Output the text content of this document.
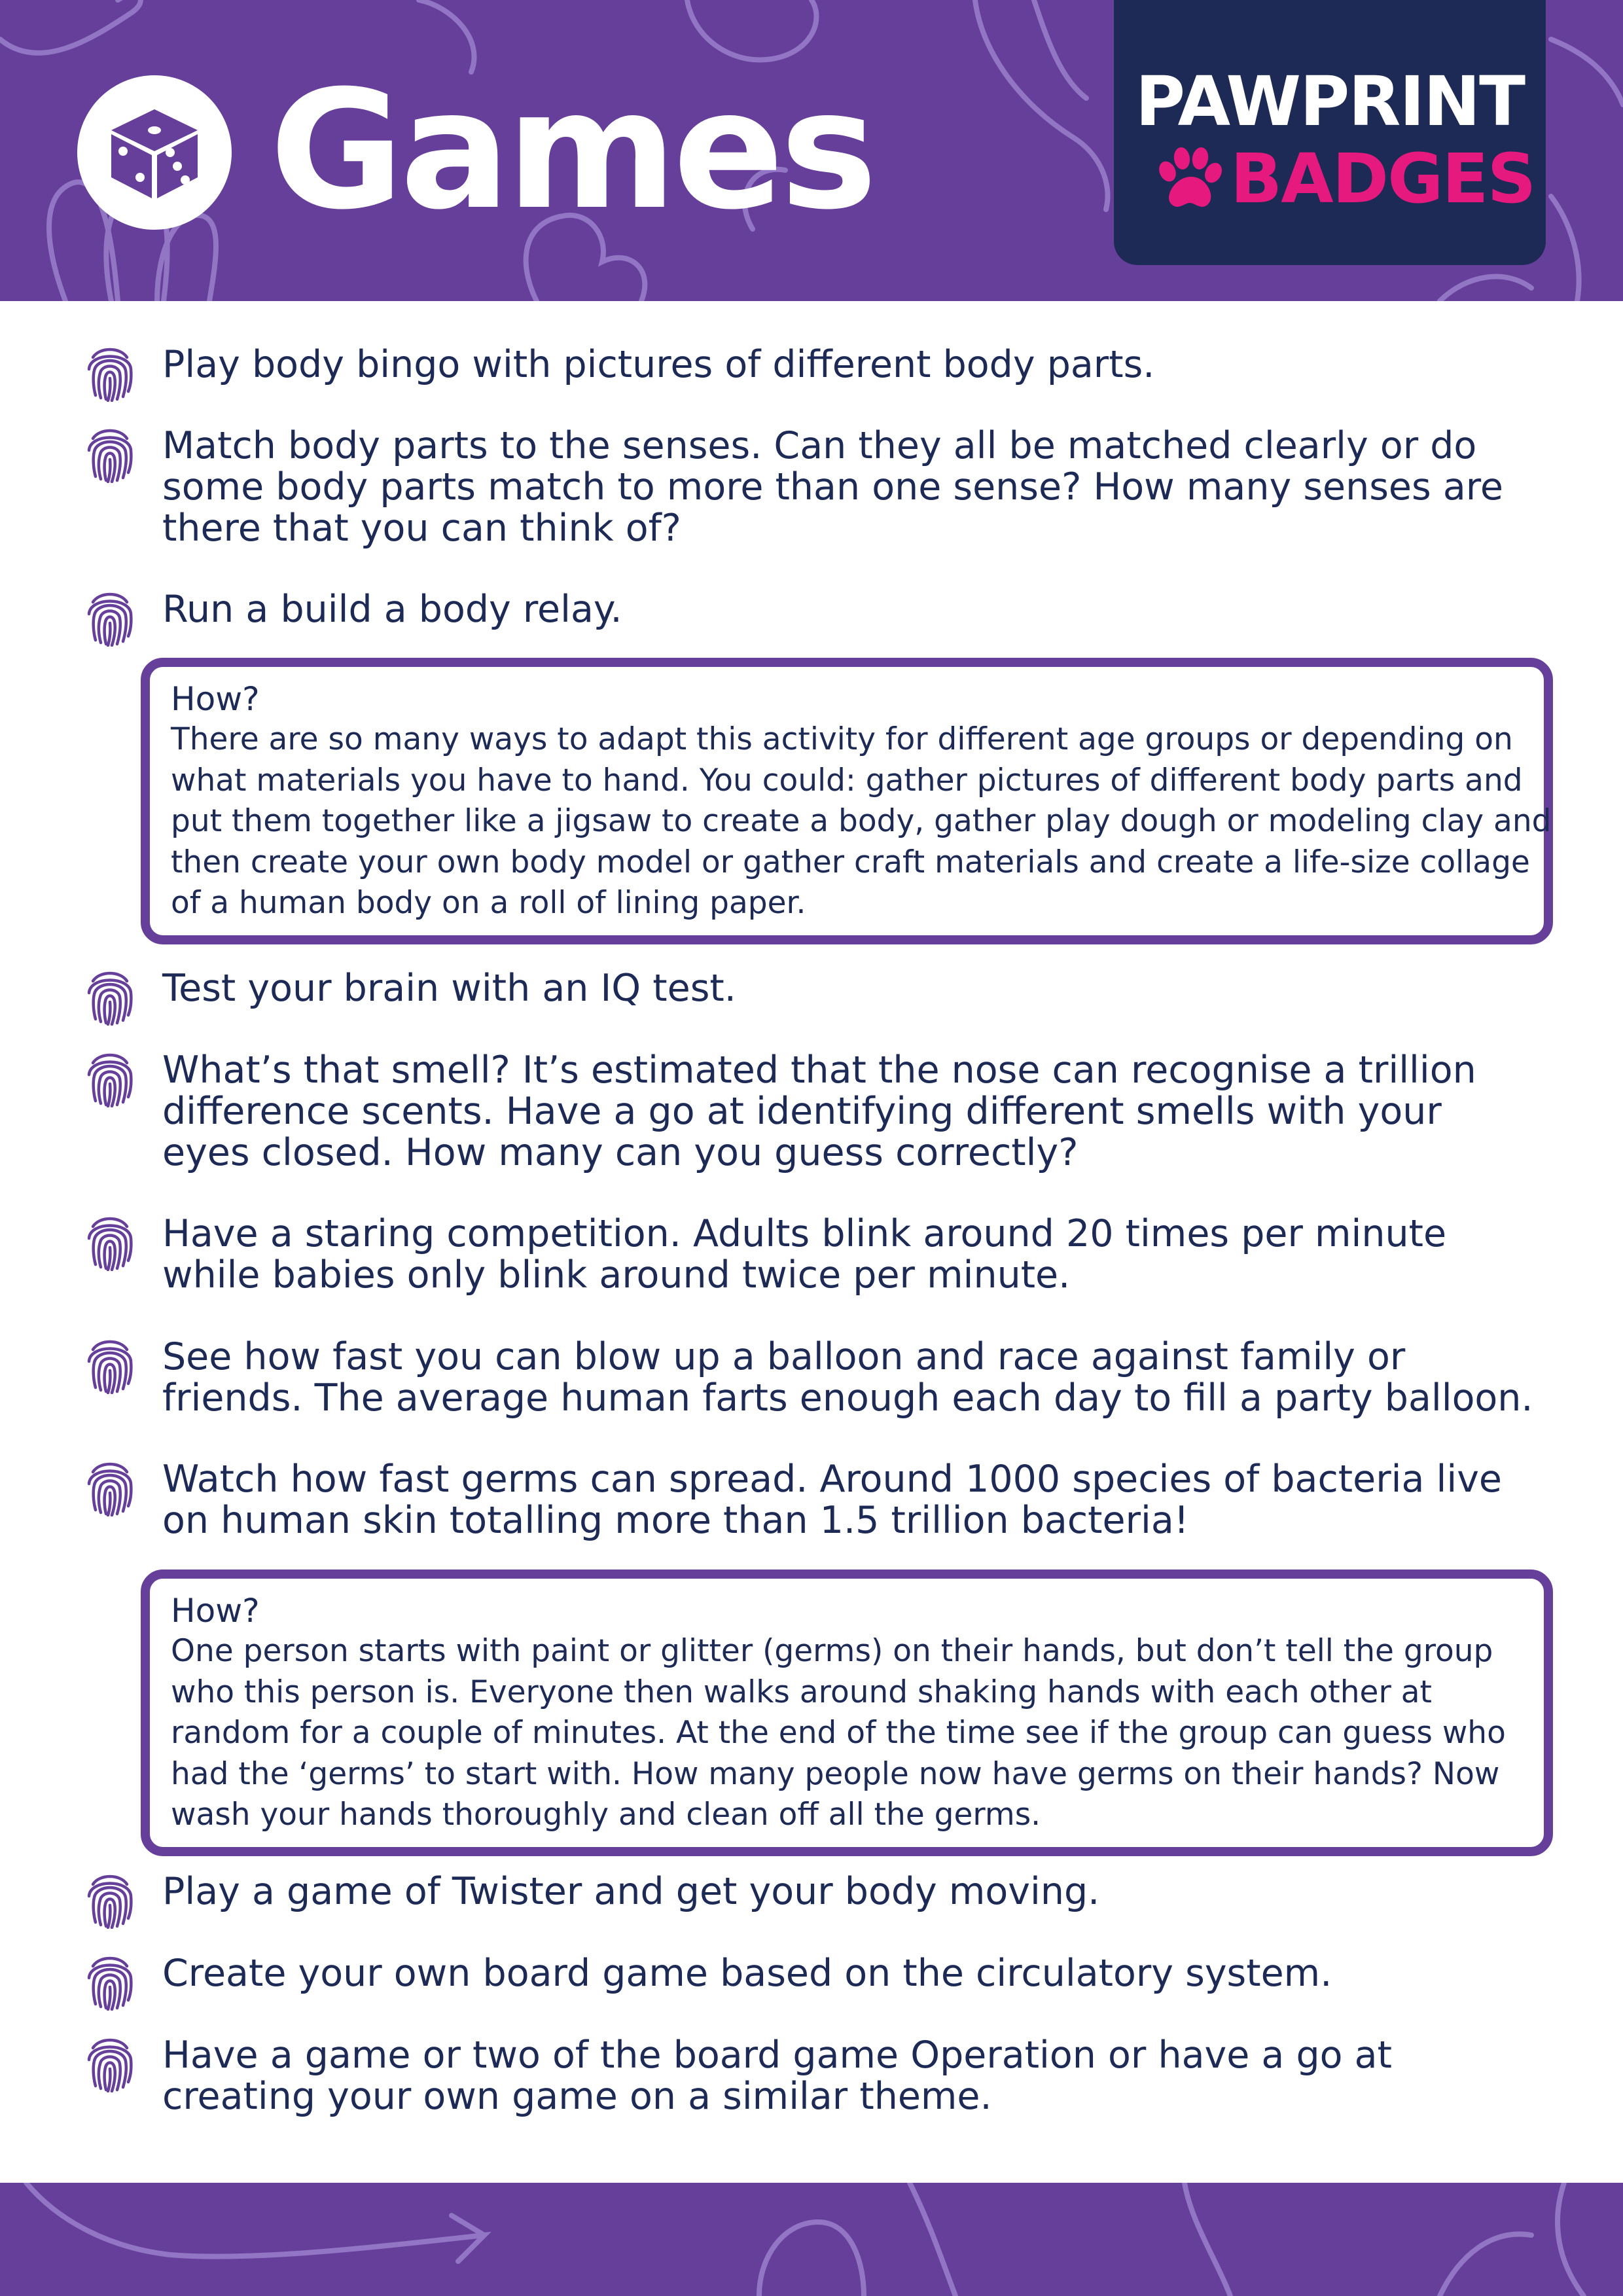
Games	PAWPRINT
BADGES
Play body bingo with pictures of different body parts.
Match body parts to the senses. Can they all be matched clearly or do some body parts match to more than one sense? How many senses are there that you can think of?
Run a build a body relay.
How?
There are so many ways to adapt this activity for different age groups or depending on what materials you have to hand. You could: gather pictures of different body parts and put them together like a jigsaw to create a body, gather play dough or modeling clay and then create your own body model or gather craft materials and create a life-size collage of a human body on a roll of lining paper.
Test your brain with an IQ test.
What’s that smell? It’s estimated that the nose can recognise a trillion difference scents. Have a go at identifying different smells with your eyes closed. How many can you guess correctly?
Have a staring competition. Adults blink around 20 times per minute while babies only blink around twice per minute.
See how fast you can blow up a balloon and race against family or friends. The average human farts enough each day to fill a party balloon.
Watch how fast germs can spread. Around 1000 species of bacteria live on human skin totalling more than 1.5 trillion bacteria!
How?
One person starts with paint or glitter (germs) on their hands, but don’t tell the group who this person is. Everyone then walks around shaking hands with each other at random for a couple of minutes. At the end of the time see if the group can guess who had the ‘germs’ to start with. How many people now have germs on their hands? Now wash your hands thoroughly and clean off all the germs.
Play a game of Twister and get your body moving.
Create your own board game based on the circulatory system.
Have a game or two of the board game Operation or have a go at creating your own game on a similar theme.
